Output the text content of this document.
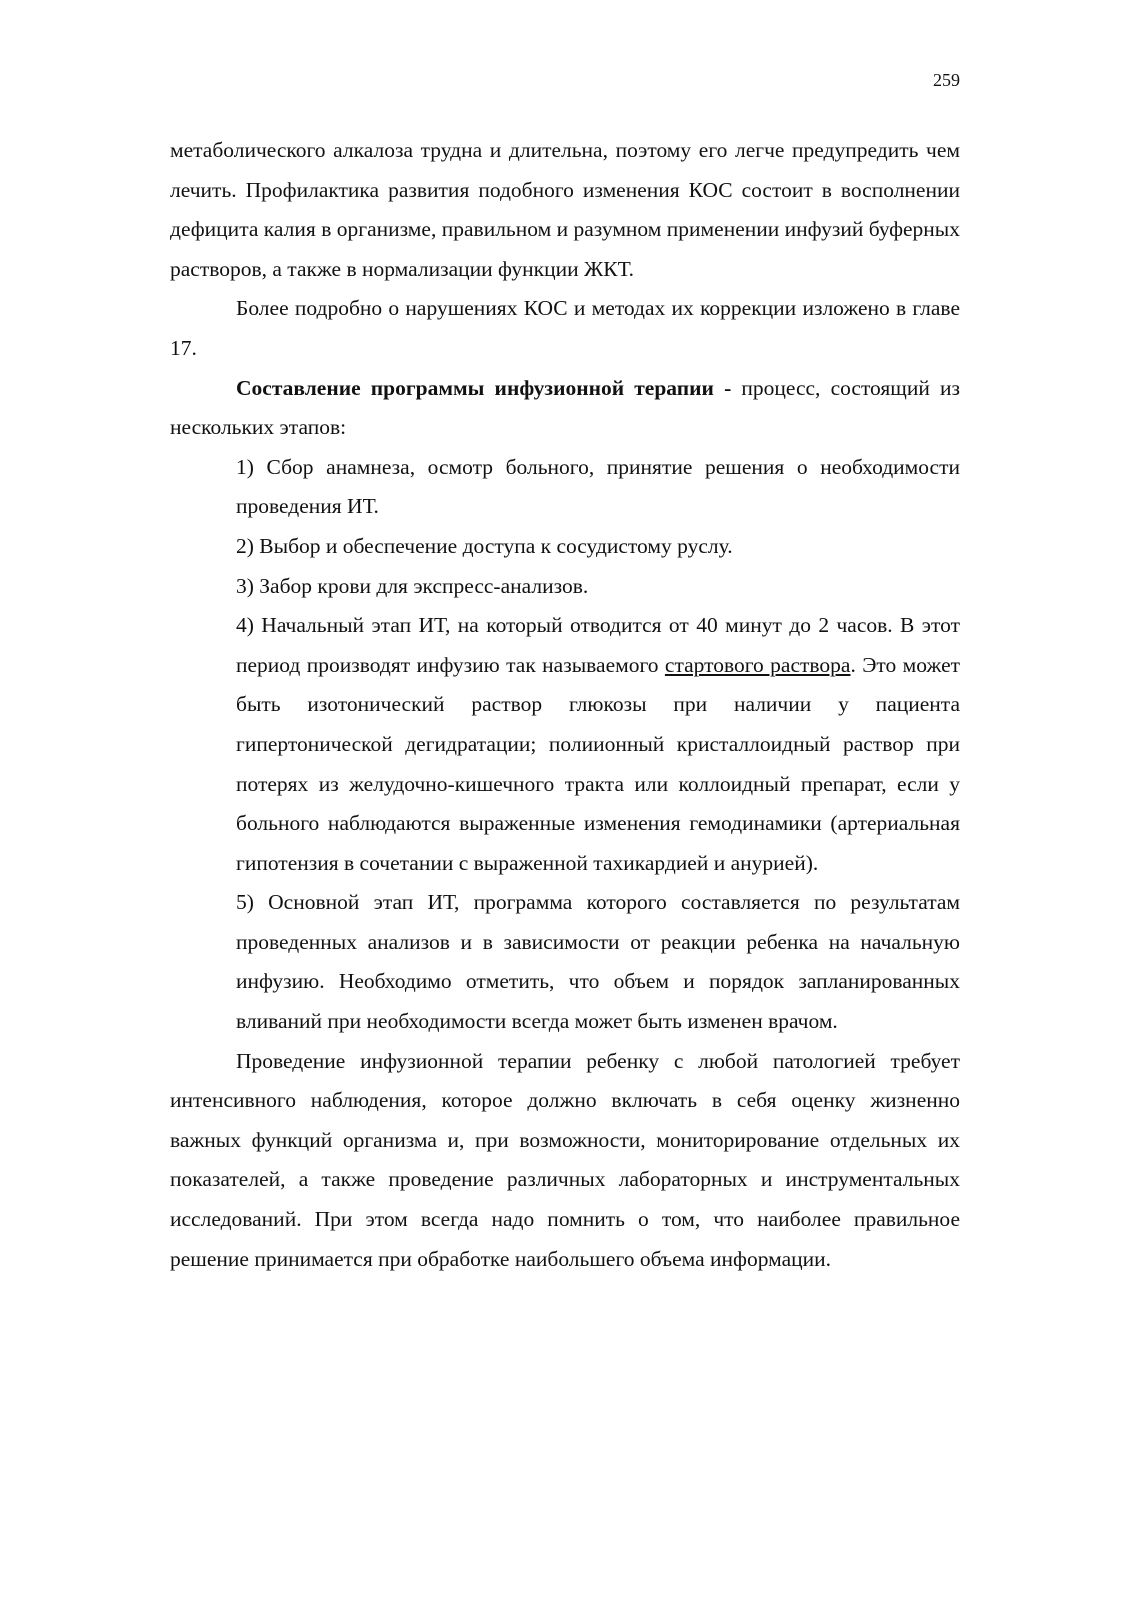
259

метаболического алкалоза трудна и длительна, поэтому его легче предупредить чем лечить. Профилактика развития подобного изменения КОС состоит в восполнении дефицита калия в организме, правильном и разумном применении инфузий буферных растворов, а также в нормализации функции ЖКТ.

Более подробно о нарушениях КОС и методах их коррекции изложено в главе 17.

Составление программы инфузионной терапии - процесс, состоящий из нескольких этапов:

1) Сбор анамнеза, осмотр больного, принятие решения о необходимости проведения ИТ.

2) Выбор и обеспечение доступа к сосудистому руслу.

3) Забор крови для экспресс-анализов.

4) Начальный этап ИТ, на который отводится от 40 минут до 2 часов. В этот период производят инфузию так называемого стартового раствора. Это может быть изотонический раствор глюкозы при наличии у пациента гипертонической дегидратации; полиионный кристаллоидный раствор при потерях из желудочно-кишечного тракта или коллоидный препарат, если у больного наблюдаются выраженные изменения гемодинамики (артериальная гипотензия в сочетании с выраженной тахикардией и анурией).

5) Основной этап ИТ, программа которого составляется по результатам проведенных анализов и в зависимости от реакции ребенка на начальную инфузию. Необходимо отметить, что объем и порядок запланированных вливаний при необходимости всегда может быть изменен врачом.

Проведение инфузионной терапии ребенку с любой патологией требует интенсивного наблюдения, которое должно включать в себя оценку жизненно важных функций организма и, при возможности, мониторирование отдельных их показателей, а также проведение различных лабораторных и инструментальных исследований. При этом всегда надо помнить о том, что наиболее правильное решение принимается при обработке наибольшего объема информации.
